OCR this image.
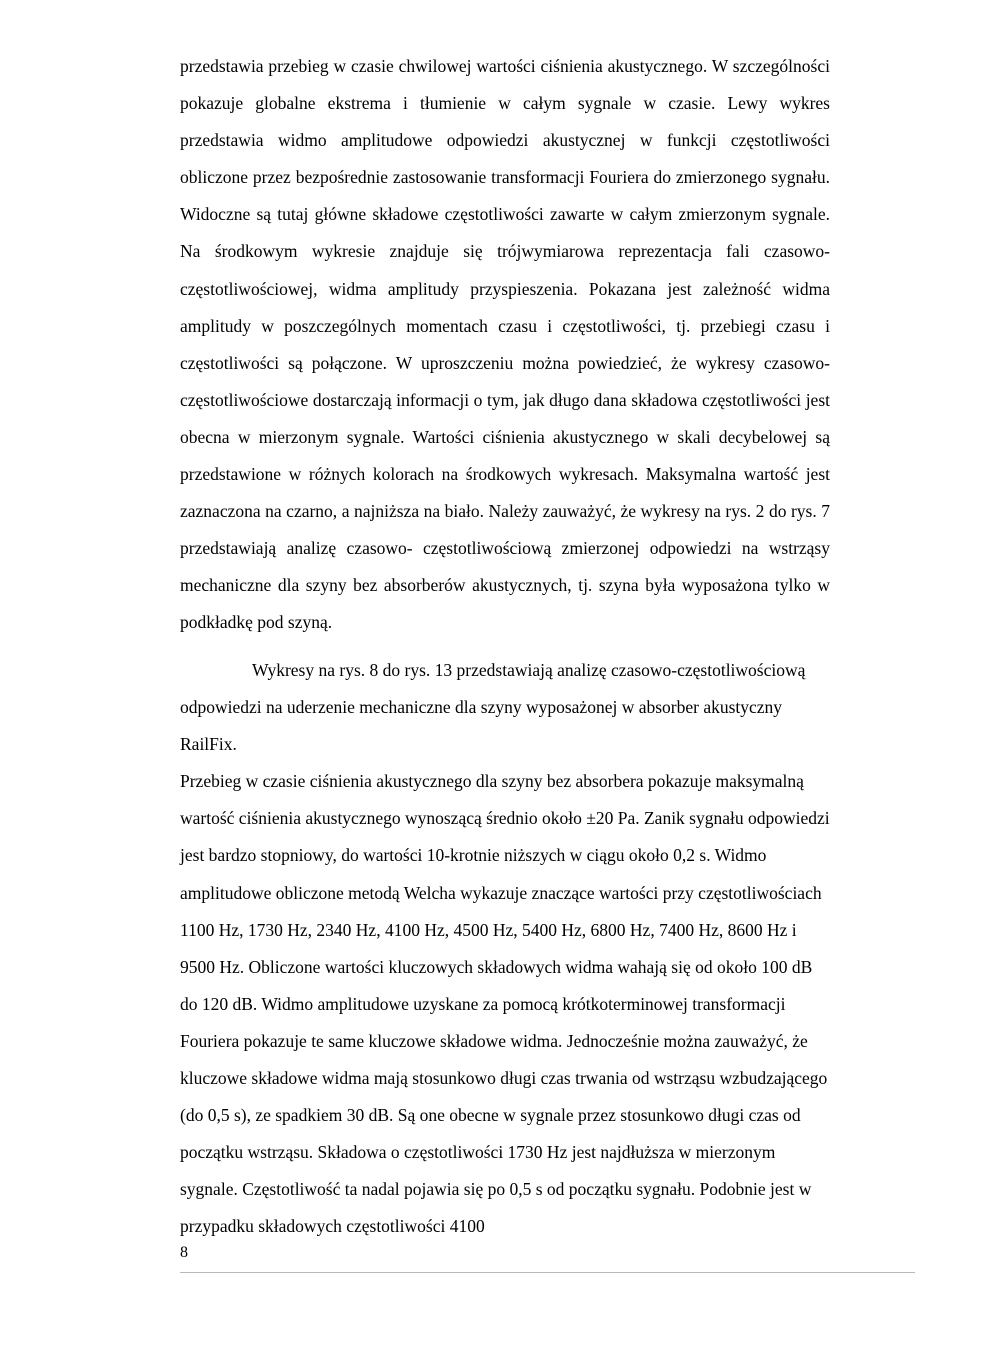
przedstawia przebieg w czasie chwilowej wartości ciśnienia akustycznego. W szczególności pokazuje globalne ekstrema i tłumienie w całym sygnale w czasie. Lewy wykres przedstawia widmo amplitudowe odpowiedzi akustycznej w funkcji częstotliwości obliczone przez bezpośrednie zastosowanie transformacji Fouriera do zmierzonego sygnału. Widoczne są tutaj główne składowe częstotliwości zawarte w całym zmierzonym sygnale. Na środkowym wykresie znajduje się trójwymiarowa reprezentacja fali czasowo-częstotliwościowej, widma amplitudy przyspieszenia. Pokazana jest zależność widma amplitudy w poszczególnych momentach czasu i częstotliwości, tj. przebiegi czasu i częstotliwości są połączone. W uproszczeniu można powiedzieć, że wykresy czasowo- częstotliwościowe dostarczają informacji o tym, jak długo dana składowa częstotliwości jest obecna w mierzonym sygnale. Wartości ciśnienia akustycznego w skali decybelowej są przedstawione w różnych kolorach na środkowych wykresach. Maksymalna wartość jest zaznaczona na czarno, a najniższa na biało. Należy zauważyć, że wykresy na rys. 2 do rys. 7 przedstawiają analizę czasowo- częstotliwościową zmierzonej odpowiedzi na wstrząsy mechaniczne dla szyny bez absorberów akustycznych, tj. szyna była wyposażona tylko w podkładkę pod szyną.

Wykresy na rys. 8 do rys. 13 przedstawiają analizę czasowo-częstotliwościową odpowiedzi na uderzenie mechaniczne dla szyny wyposażonej w absorber akustyczny RailFix.

Przebieg w czasie ciśnienia akustycznego dla szyny bez absorbera pokazuje maksymalną wartość ciśnienia akustycznego wynoszącą średnio około ±20 Pa. Zanik sygnału odpowiedzi jest bardzo stopniowy, do wartości 10-krotnie niższych w ciągu około 0,2 s. Widmo amplitudowe obliczone metodą Welcha wykazuje znaczące wartości przy częstotliwościach 1100 Hz, 1730 Hz, 2340 Hz, 4100 Hz, 4500 Hz, 5400 Hz, 6800 Hz, 7400 Hz, 8600 Hz i 9500 Hz. Obliczone wartości kluczowych składowych widma wahają się od około 100 dB do 120 dB. Widmo amplitudowe uzyskane za pomocą krótkoterminowej transformacji Fouriera pokazuje te same kluczowe składowe widma. Jednocześnie można zauważyć, że kluczowe składowe widma mają stosunkowo długi czas trwania od wstrząsu wzbudzającego (do 0,5 s), ze spadkiem 30 dB. Są one obecne w sygnale przez stosunkowo długi czas od początku wstrząsu. Składowa o częstotliwości 1730 Hz jest najdłuższa w mierzonym sygnale. Częstotliwość ta nadal pojawia się po 0,5 s od początku sygnału. Podobnie jest w przypadku składowych częstotliwości 4100

8
